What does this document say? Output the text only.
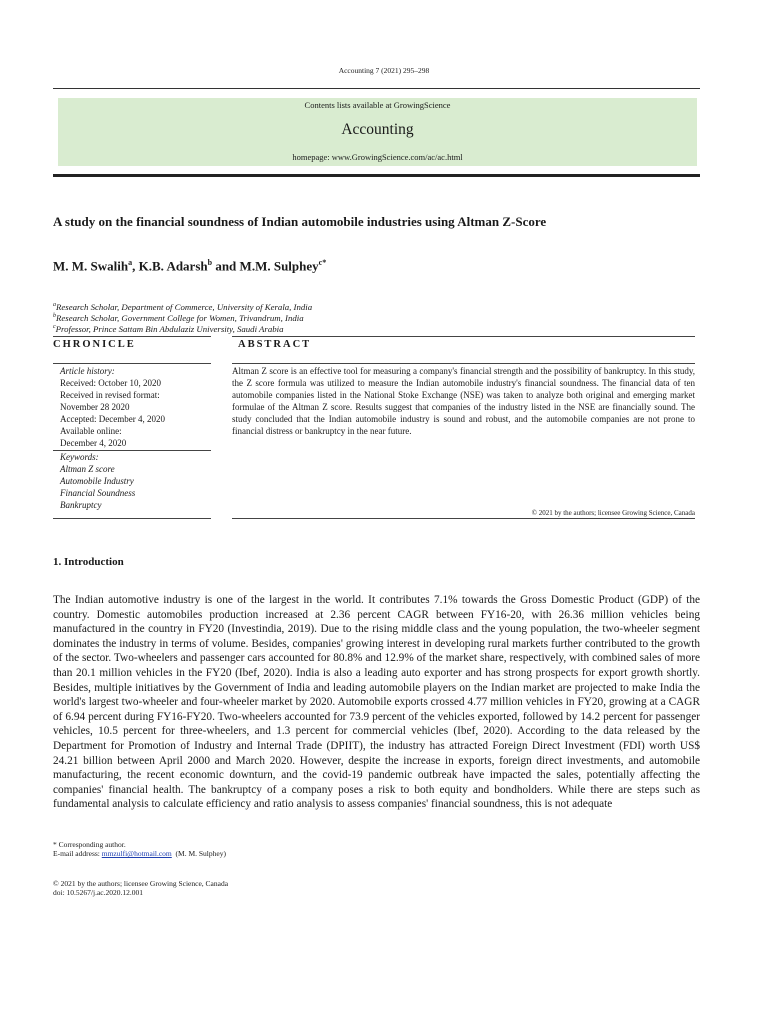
Accounting 7 (2021) 295–298
Contents lists available at GrowingScience
Accounting
homepage: www.GrowingScience.com/ac/ac.html
A study on the financial soundness of Indian automobile industries using Altman Z-Score
M. M. Swalih$^a$, K.B. Adarsh$^b$ and M.M. Sulphey$^{c*}$
$^a$Research Scholar, Department of Commerce, University of Kerala, India
$^b$Research Scholar, Government College for Women, Trivandrum, India
$^c$Professor, Prince Sattam Bin Abdulaziz University, Saudi Arabia
CHRONICLE	ABSTRACT
Article history:
Received: October 10, 2020
Received in revised format:
November 28 2020
Accepted: December 4, 2020
Available online:
December 4, 2020
Keywords:
Altman Z score
Automobile Industry
Financial Soundness
Bankruptcy
Altman Z score is an effective tool for measuring a company's financial strength and the possibility of bankruptcy. In this study, the Z score formula was utilized to measure the Indian automobile industry's financial soundness. The financial data of ten automobile companies listed in the National Stoke Exchange (NSE) was taken to analyze both original and emerging market formulae of the Altman Z score. Results suggest that companies of the industry listed in the NSE are financially sound. The study concluded that the Indian automobile industry is sound and robust, and the automobile companies are not prone to financial distress or bankruptcy in the near future.
© 2021 by the authors; licensee Growing Science, Canada
1. Introduction
The Indian automotive industry is one of the largest in the world. It contributes 7.1% towards the Gross Domestic Product (GDP) of the country. Domestic automobiles production increased at 2.36 percent CAGR between FY16-20, with 26.36 million vehicles being manufactured in the country in FY20 (Investindia, 2019). Due to the rising middle class and the young population, the two-wheeler segment dominates the industry in terms of volume. Besides, companies' growing interest in developing rural markets further contributed to the growth of the sector. Two-wheelers and passenger cars accounted for 80.8% and 12.9% of the market share, respectively, with combined sales of more than 20.1 million vehicles in the FY20 (Ibef, 2020). India is also a leading auto exporter and has strong prospects for export growth shortly. Besides, multiple initiatives by the Government of India and leading automobile players on the Indian market are projected to make India the world's largest two-wheeler and four-wheeler market by 2020. Automobile exports crossed 4.77 million vehicles in FY20, growing at a CAGR of 6.94 percent during FY16-FY20. Two-wheelers accounted for 73.9 percent of the vehicles exported, followed by 14.2 percent for passenger vehicles, 10.5 percent for three-wheelers, and 1.3 percent for commercial vehicles (Ibef, 2020). According to the data released by the Department for Promotion of Industry and Internal Trade (DPIIT), the industry has attracted Foreign Direct Investment (FDI) worth US$ 24.21 billion between April 2000 and March 2020. However, despite the increase in exports, foreign direct investments, and automobile manufacturing, the recent economic downturn, and the covid-19 pandemic outbreak have impacted the sales, potentially affecting the companies' financial health. The bankruptcy of a company poses a risk to both equity and bondholders. While there are steps such as fundamental analysis to calculate efficiency and ratio analysis to assess companies' financial soundness, this is not adequate
* Corresponding author.
E-mail address: mmzulfi@hotmail.com (M. M. Sulphey)
© 2021 by the authors; licensee Growing Science, Canada
doi: 10.5267/j.ac.2020.12.001
